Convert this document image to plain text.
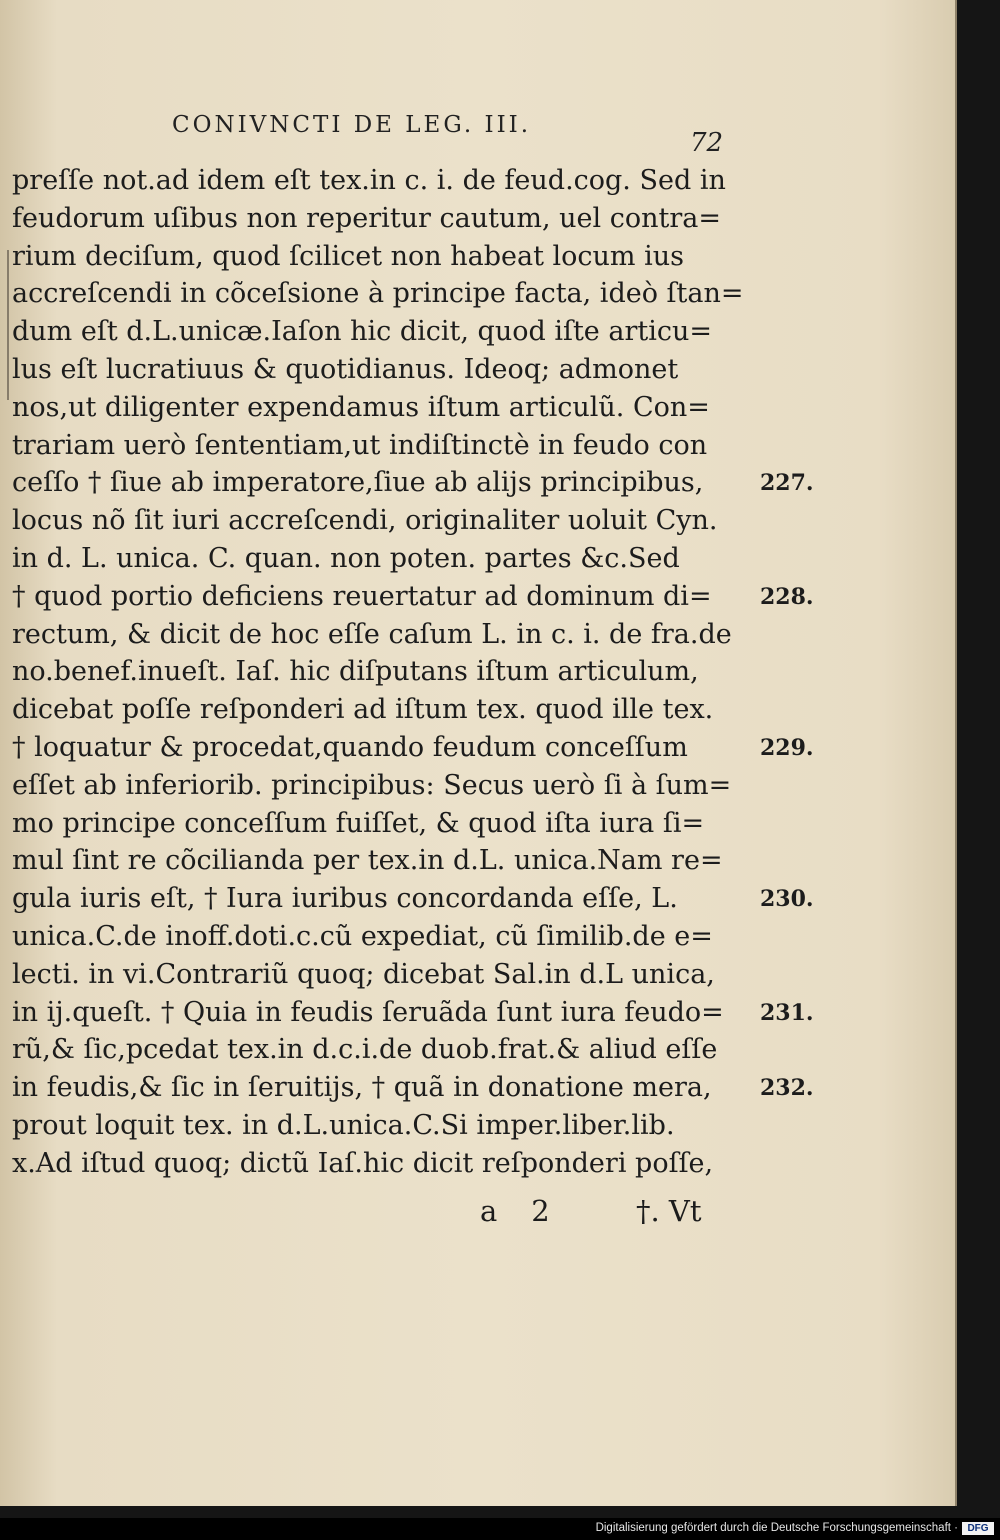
CONIVNCTI DE LEG. III.
72
preſſe not.ad idem eſt tex.in c. i. de feud.cog. Sed in
feudorum uſibus non reperitur cautum, uel contra=
rium deciſum, quod ſcilicet non habeat locum ius
accreſcendi in cõceſsione à principe facta, ideò ſtan=
dum eſt d.L.unicæ.Iaſon hic dicit, quod iſte articu=
lus eſt lucratiuus & quotidianus. Ideoq; admonet
nos,ut diligenter expendamus iſtum articulũ. Con=
trariam uerò ſententiam,ut indiſtinctè in feudo con
ceſſo † ſiue ab imperatore,ſiue ab alijs principibus,
locus nõ ſit iuri accreſcendi, originaliter uoluit Cyn.
in d. L. unica. C. quan. non poten. partes &c.Sed
† quod portio deficiens reuertatur ad dominum di=
rectum, & dicit de hoc eſſe caſum L. in c. i. de fra.de
no.benef.inueſt. Iaſ. hic diſputans iſtum articulum,
dicebat poſſe reſponderi ad iſtum tex. quod ille tex.
† loquatur & procedat,quando feudum conceſſum
eſſet ab inferiorib. principibus: Secus uerò ſi à ſum=
mo principe conceſſum fuiſſet, & quod iſta iura ſi=
mul ſint re cõcilianda per tex.in d.L. unica.Nam re=
gula iuris eſt, † Iura iuribus concordanda eſſe, L.
unica.C.de inoff.doti.c.cũ expediat, cũ ſimilib.de e=
lecti. in vi.Contrariũ quoq; dicebat Sal.in d.L unica,
in ij.queſt. † Quia in feudis ſeruãda ſunt iura feudo=
rũ,& ſic,pcedat tex.in d.c.i.de duob.frat.& aliud eſſe
in feudis,& ſic in ſeruitijs, † quã in donatione mera,
prout loquit tex. in d.L.unica.C.Si imper.liber.lib.
x.Ad iſtud quoq; dictũ Iaſ.hic dicit reſponderi poſſe,
227.
228.
229.
230.
231.
232.
a 2	†. Vt
Digitalisierung gefördert durch die Deutsche Forschungsgemeinschaft · DFG
